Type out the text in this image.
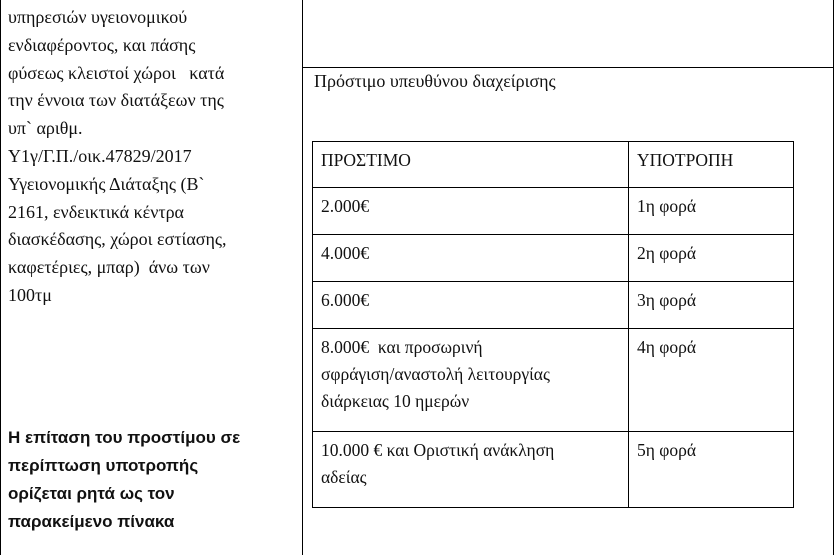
υπηρεσιών υγειονομικού
ενδιαφέροντος, και πάσης
φύσεως κλειστοί χώροι   κατά
την έννοια των διατάξεων της
υπ` αριθμ.
Υ1γ/Γ.Π./οικ.47829/2017
Υγειονομικής Διάταξης (Β`
2161, ενδεικτικά κέντρα
διασκέδασης, χώροι εστίασης,
καφετέριες, μπαρ)  άνω των
100τμ
Η επίταση του προστίμου σε
περίπτωση υποτροπής
ορίζεται ρητά ως τον
παρακείμενο πίνακα
Πρόστιμο υπευθύνου διαχείρισης
ΠΡΟΣΤΙΜΟ	ΥΠΟΤΡΟΠΗ

2.000€	1η φορά

4.000€	2η φορά

6.000€	3η φορά

8.000€  και προσωρινή
σφράγιση/αναστολή λειτουργίας
διάρκειας 10 ημερών	4η φορά

10.000 € και Οριστική ανάκληση
αδείας	5η φορά
